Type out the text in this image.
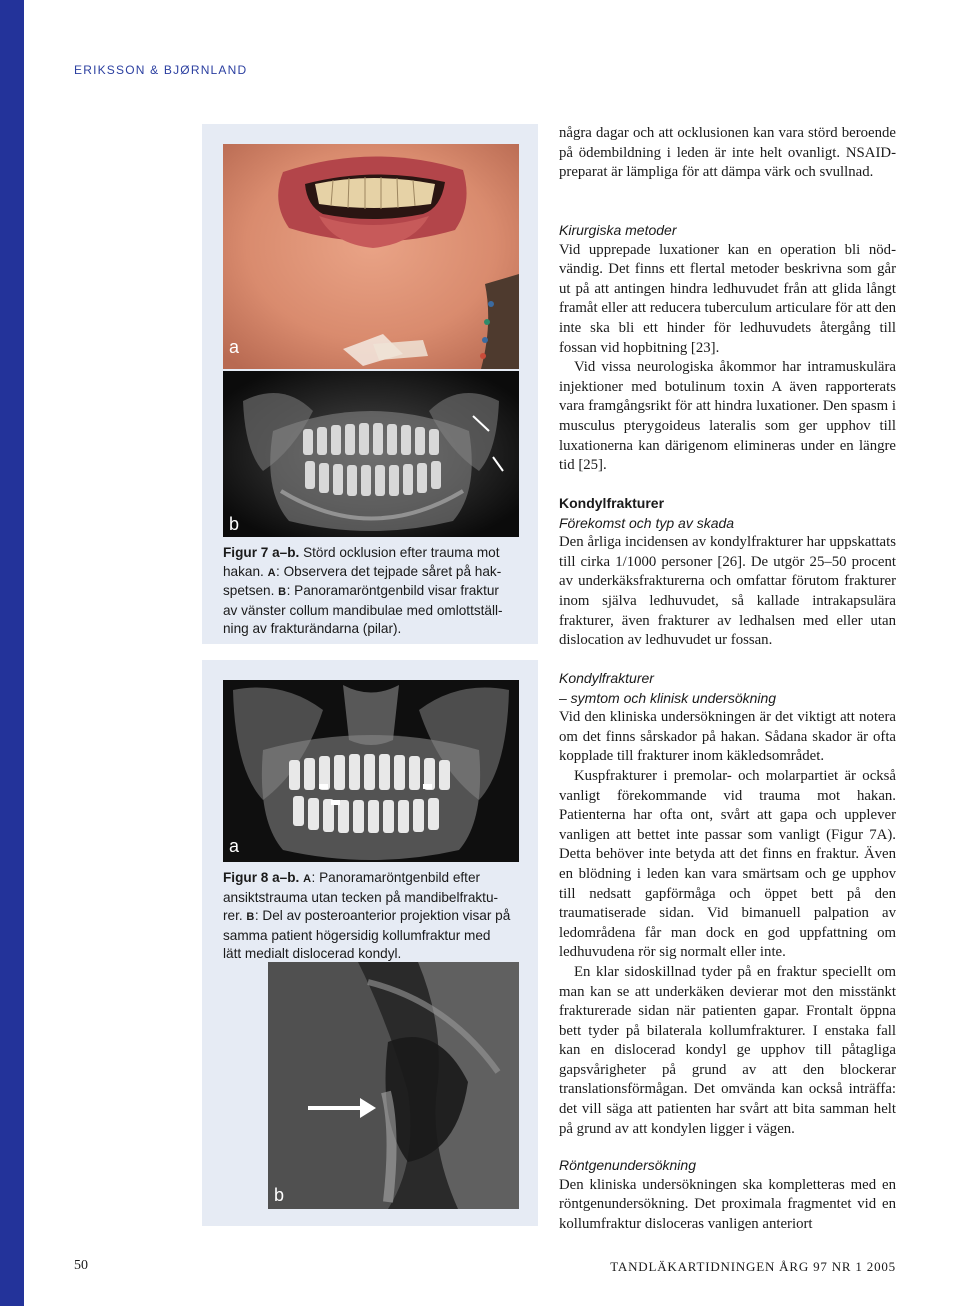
ERIKSSON & BJØRNLAND
a
b
Figur 7 a–b. Störd ocklusion efter trauma mot
hakan. A: Observera det tejpade såret på hak-
spetsen. B: Panoramaröntgenbild visar fraktur
av vänster collum mandibulae med omlottställ-
ning av frakturändarna (pilar).
a
Figur 8 a–b. A: Panoramaröntgenbild efter
ansiktstrauma utan tecken på mandibelfraktu-
rer. B: Del av posteroanterior projektion visar på
samma patient högersidig kollumfraktur med
lätt medialt dislocerad kondyl.
b

några dagar och att ocklusionen kan vara störd beroende på ödembildning i leden är inte helt ovanligt. NSAID-preparat är lämpliga för att dämpa värk och svullnad.

Kirurgiska metoder

Vid upprepade luxationer kan en operation bli nödvändig. Det finns ett flertal metoder beskrivna som går ut på att antingen hindra ledhuvudet från att glida långt framåt eller att reducera tuberculum articulare för att den inte ska bli ett hinder för ledhuvudets återgång till fossan vid hopbitning [23].

Vid vissa neurologiska åkommor har intramuskulära injektioner med botulinum toxin A även rapporterats vara framgångsrikt för att hindra luxationer. Den spasm i musculus pterygoideus lateralis som ger upphov till luxationerna kan därigenom elimineras under en längre tid [25].

Kondylfrakturer
Förekomst och typ av skada

Den årliga incidensen av kondylfrakturer har uppskattats till cirka 1/1000 personer [26]. De utgör 25–50 procent av underkäksfrakturerna och omfattar förutom frakturer inom själva ledhuvudet, så kallade intrakapsulära frakturer, även frakturer av ledhalsen med eller utan dislocation av ledhuvudet ur fossan.

Kondylfrakturer
– symtom och klinisk undersökning

Vid den kliniska undersökningen är det viktigt att notera om det finns sårskador på hakan. Sådana skador är ofta kopplade till frakturer inom käkledsområdet.

Kuspfrakturer i premolar- och molarpartiet är också vanligt förekommande vid trauma mot hakan. Patienterna har ofta ont, svårt att gapa och upplever vanligen att bettet inte passar som vanligt (Figur 7A). Detta behöver inte betyda att det finns en fraktur. Även en blödning i leden kan vara smärtsam och ge upphov till nedsatt gapförmåga och öppet bett på den traumatiserade sidan. Vid bimanuell palpation av ledområdena får man dock en god uppfattning om ledhuvudena rör sig normalt eller inte.

En klar sidoskillnad tyder på en fraktur speciellt om man kan se att underkäken devierar mot den misstänkt frakturerade sidan när patienten gapar. Frontalt öppna bett tyder på bilaterala kollumfrakturer. I enstaka fall kan en dislocerad kondyl ge upphov till påtagliga gapsvårigheter på grund av att den blockerar translationsförmågan. Det omvända kan också inträffa: det vill säga att patienten har svårt att bita samman helt på grund av att kondylen ligger i vägen.

Röntgenundersökning

Den kliniska undersökningen ska kompletteras med en röntgenundersökning. Det proximala fragmentet vid en kollumfraktur disloceras vanligen anteriort

50	TANDLÄKARTIDNINGEN ÅRG 97 NR 1 2005
